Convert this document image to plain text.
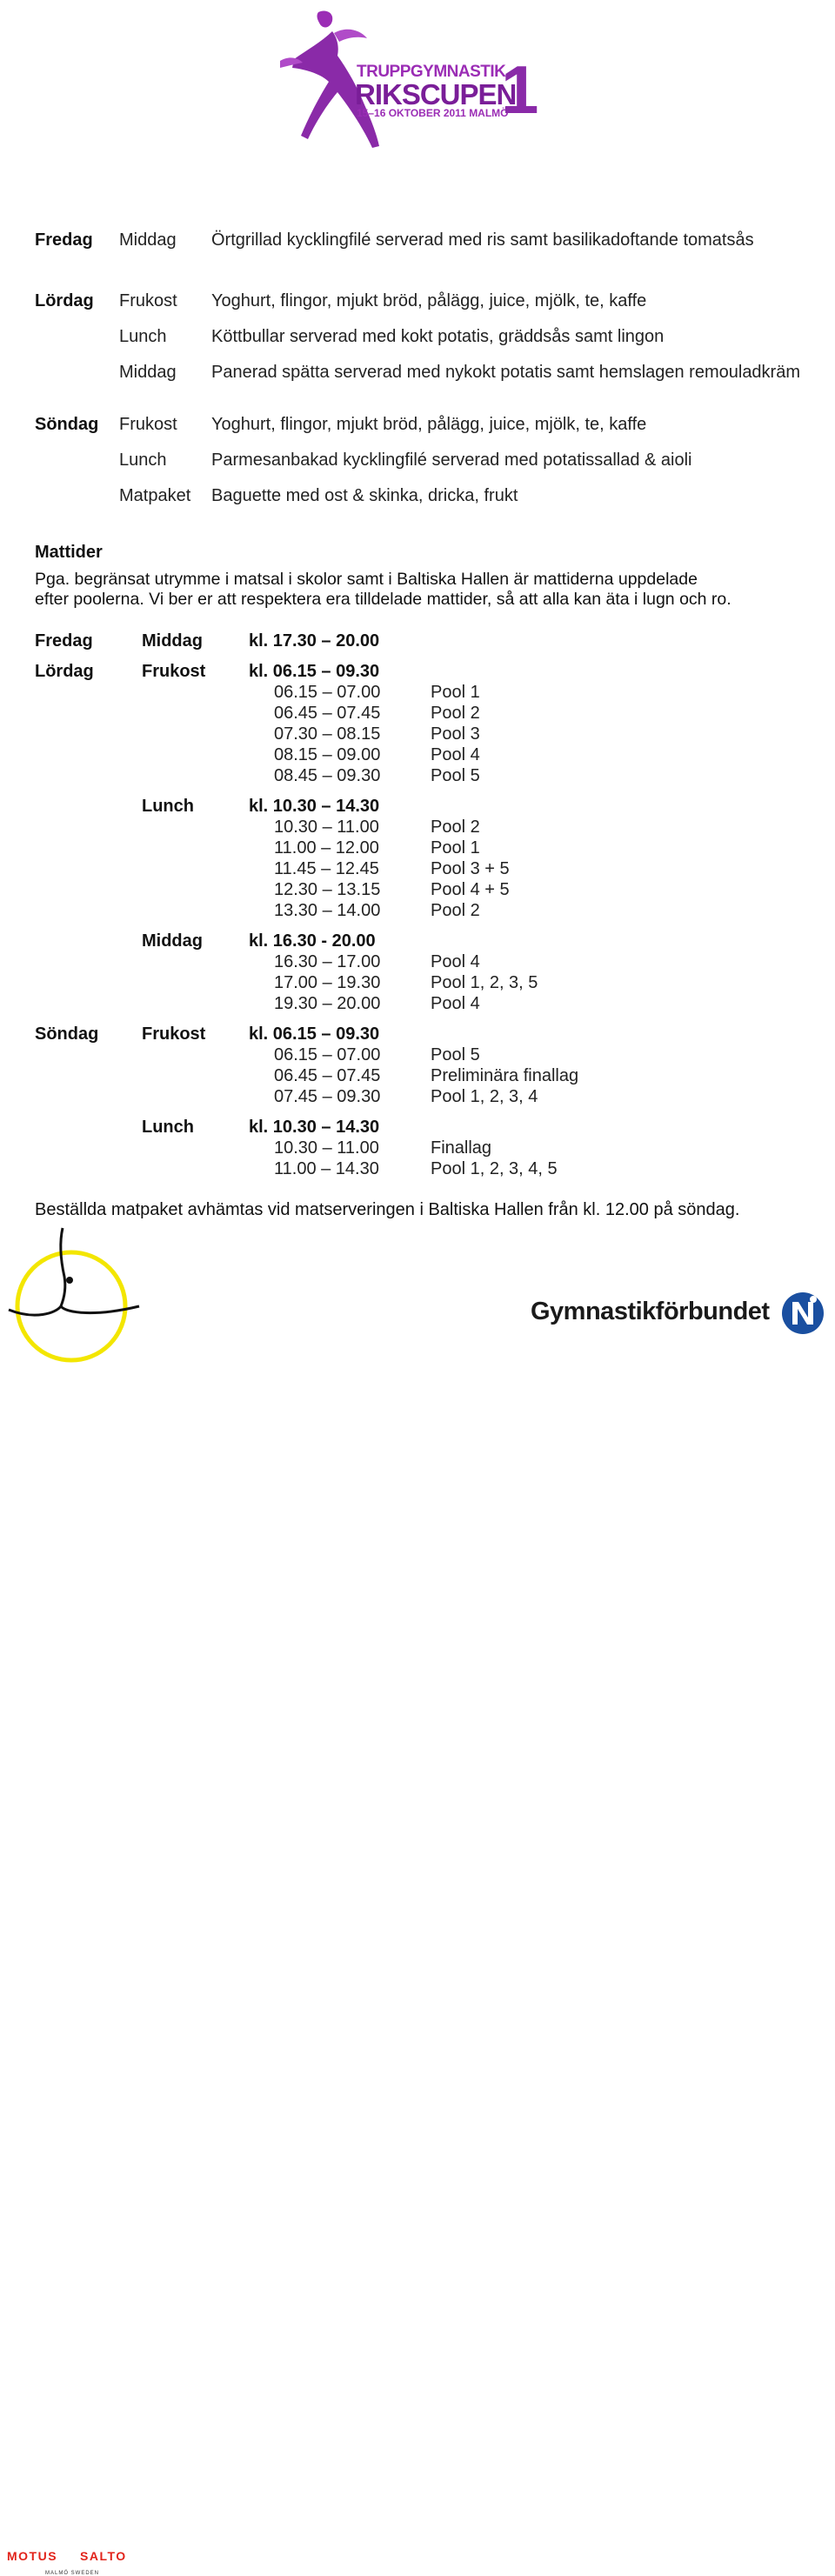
TRUPPGYMNASTIK
RIKSCUPEN
15–16 OKTOBER 2011 MALMÖ
1
Fredag Middag Örtgrillad kycklingfilé serverad med ris samt basilikadoftande tomatsås
Lördag Frukost Yoghurt, flingor, mjukt bröd, pålägg, juice, mjölk, te, kaffe
Lunch	Köttbullar serverad med kokt potatis, gräddsås samt lingon
Middag Panerad spätta serverad med nykokt potatis samt hemslagen remouladkräm
Söndag Frukost Yoghurt, flingor, mjukt bröd, pålägg, juice, mjölk, te, kaffe
Lunch	Parmesanbakad kycklingfilé serverad med potatissallad & aioli
Matpaket Baguette med ost & skinka, dricka, frukt
Mattider
Pga. begränsat utrymme i matsal i skolor samt i Baltiska Hallen är mattiderna uppdelade
efter poolerna. Vi ber er att respektera era tilldelade mattider, så att alla kan äta i lugn och ro.
Fredag	Middag	kl. 17.30 – 20.00
Lördag	Frukost kl. 06.15 – 09.30
06.15 – 07.00	Pool 1
06.45 – 07.45	Pool 2
07.30 – 08.15	Pool 3
08.15 – 09.00	Pool 4
08.45 – 09.30	Pool 5
Lunch	kl. 10.30 – 14.30
10.30 – 11.00	Pool 2
11.00 – 12.00	Pool 1
11.45 – 12.45	Pool 3 + 5
12.30 – 13.15	Pool 4 + 5
13.30 – 14.00	Pool 2
Middag	kl. 16.30 - 20.00
16.30 – 17.00	Pool 4
17.00 – 19.30	Pool 1, 2, 3, 5
19.30 – 20.00	Pool 4
Söndag Frukost kl. 06.15 – 09.30
06.15 – 07.00	Pool 5
06.45 – 07.45	Preliminära finallag
07.45 – 09.30	Pool 1, 2, 3, 4
Lunch	kl. 10.30 – 14.30
10.30 – 11.00	Finallag
11.00 – 14.30	Pool 1, 2, 3, 4, 5
Beställda matpaket avhämtas vid matserveringen i Baltiska Hallen från kl. 12.00 på söndag.
MOTUS SALTO
MALMÖ SWEDEN
Gymnastikförbundet
